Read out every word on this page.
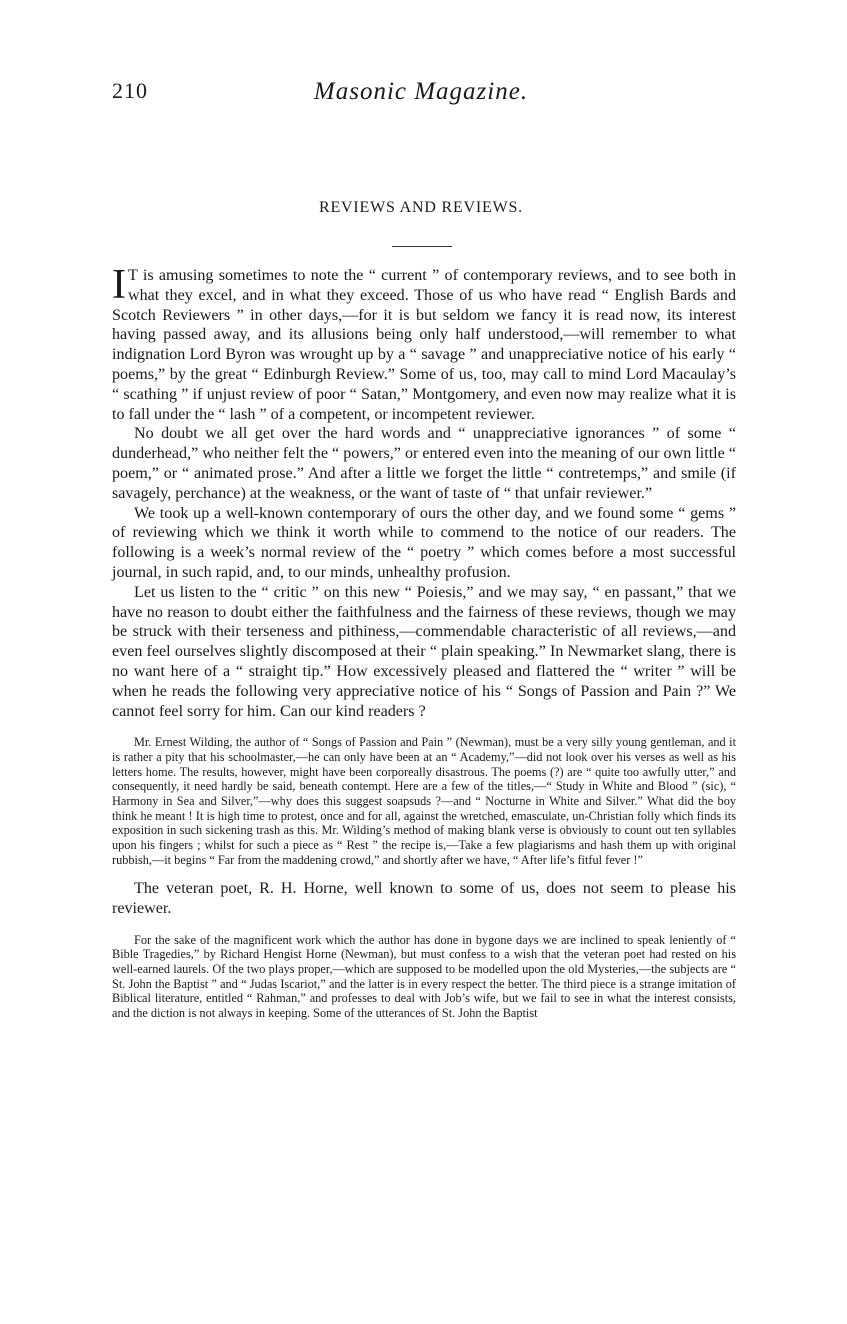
210	Masonic Magazine.
REVIEWS AND REVIEWS.

I T is amusing sometimes to note the “ current ” of contemporary reviews, and to see both in what they excel, and in what they exceed. Those of us who have read “ English Bards and Scotch Reviewers ” in other days,—for it is but seldom we fancy it is read now, its interest having passed away, and its allusions being only half understood,—will remember to what indignation Lord Byron was wrought up by a “ savage ” and unappreciative notice of his early “ poems,” by the great “ Edinburgh Review.” Some of us, too, may call to mind Lord Macaulay’s “ scathing ” if unjust review of poor “ Satan,” Montgomery, and even now may realize what it is to fall under the “ lash ” of a competent, or incompetent reviewer.

No doubt we all get over the hard words and “ unappreciative ignorances ” of some “ dunderhead,” who neither felt the “ powers,” or entered even into the meaning of our own little “ poem,” or “ animated prose.” And after a little we forget the little “ contretemps,” and smile (if savagely, perchance) at the weakness, or the want of taste of “ that unfair reviewer.”

We took up a well-known contemporary of ours the other day, and we found some “ gems ” of reviewing which we think it worth while to commend to the notice of our readers. The following is a week’s normal review of the “ poetry ” which comes before a most successful journal, in such rapid, and, to our minds, unhealthy profusion.

Let us listen to the “ critic ” on this new “ Poiesis,” and we may say, “ en passant,” that we have no reason to doubt either the faithfulness and the fairness of these reviews, though we may be struck with their terseness and pithiness,—commendable characteristic of all reviews,—and even feel ourselves slightly discomposed at their “ plain speaking.” In Newmarket slang, there is no want here of a “ straight tip.” How excessively pleased and flattered the “ writer ” will be when he reads the following very appreciative notice of his “ Songs of Passion and Pain ?” We cannot feel sorry for him. Can our kind readers ?

Mr. Ernest Wilding, the author of “ Songs of Passion and Pain ” (Newman), must be a very silly young gentleman, and it is rather a pity that his schoolmaster,—he can only have been at an “ Academy,”—did not look over his verses as well as his letters home. The results, however, might have been corporeally disastrous. The poems (?) are “ quite too awfully utter,” and consequently, it need hardly be said, beneath contempt. Here are a few of the titles,—“ Study in White and Blood ” (sic), “ Harmony in Sea and Silver,”—why does this suggest soapsuds ?—and “ Nocturne in White and Silver.” What did the boy think he meant ! It is high time to protest, once and for all, against the wretched, emasculate, un-Christian folly which finds its exposition in such sickening trash as this. Mr. Wilding’s method of making blank verse is obviously to count out ten syllables upon his fingers ; whilst for such a piece as “ Rest ” the recipe is,—Take a few plagiarisms and hash them up with original rubbish,—it begins “ Far from the maddening crowd,” and shortly after we have, “ After life’s fitful fever !”

The veteran poet, R. H. Horne, well known to some of us, does not seem to please his reviewer.

For the sake of the magnificent work which the author has done in bygone days we are inclined to speak leniently of “ Bible Tragedies,” by Richard Hengist Horne (Newman), but must confess to a wish that the veteran poet had rested on his well-earned laurels. Of the two plays proper,—which are supposed to be modelled upon the old Mysteries,—the subjects are “ St. John the Baptist ” and “ Judas Iscariot,” and the latter is in every respect the better. The third piece is a strange imitation of Biblical literature, entitled “ Rahman,” and professes to deal with Job’s wife, but we fail to see in what the interest consists, and the diction is not always in keeping. Some of the utterances of St. John the Baptist
